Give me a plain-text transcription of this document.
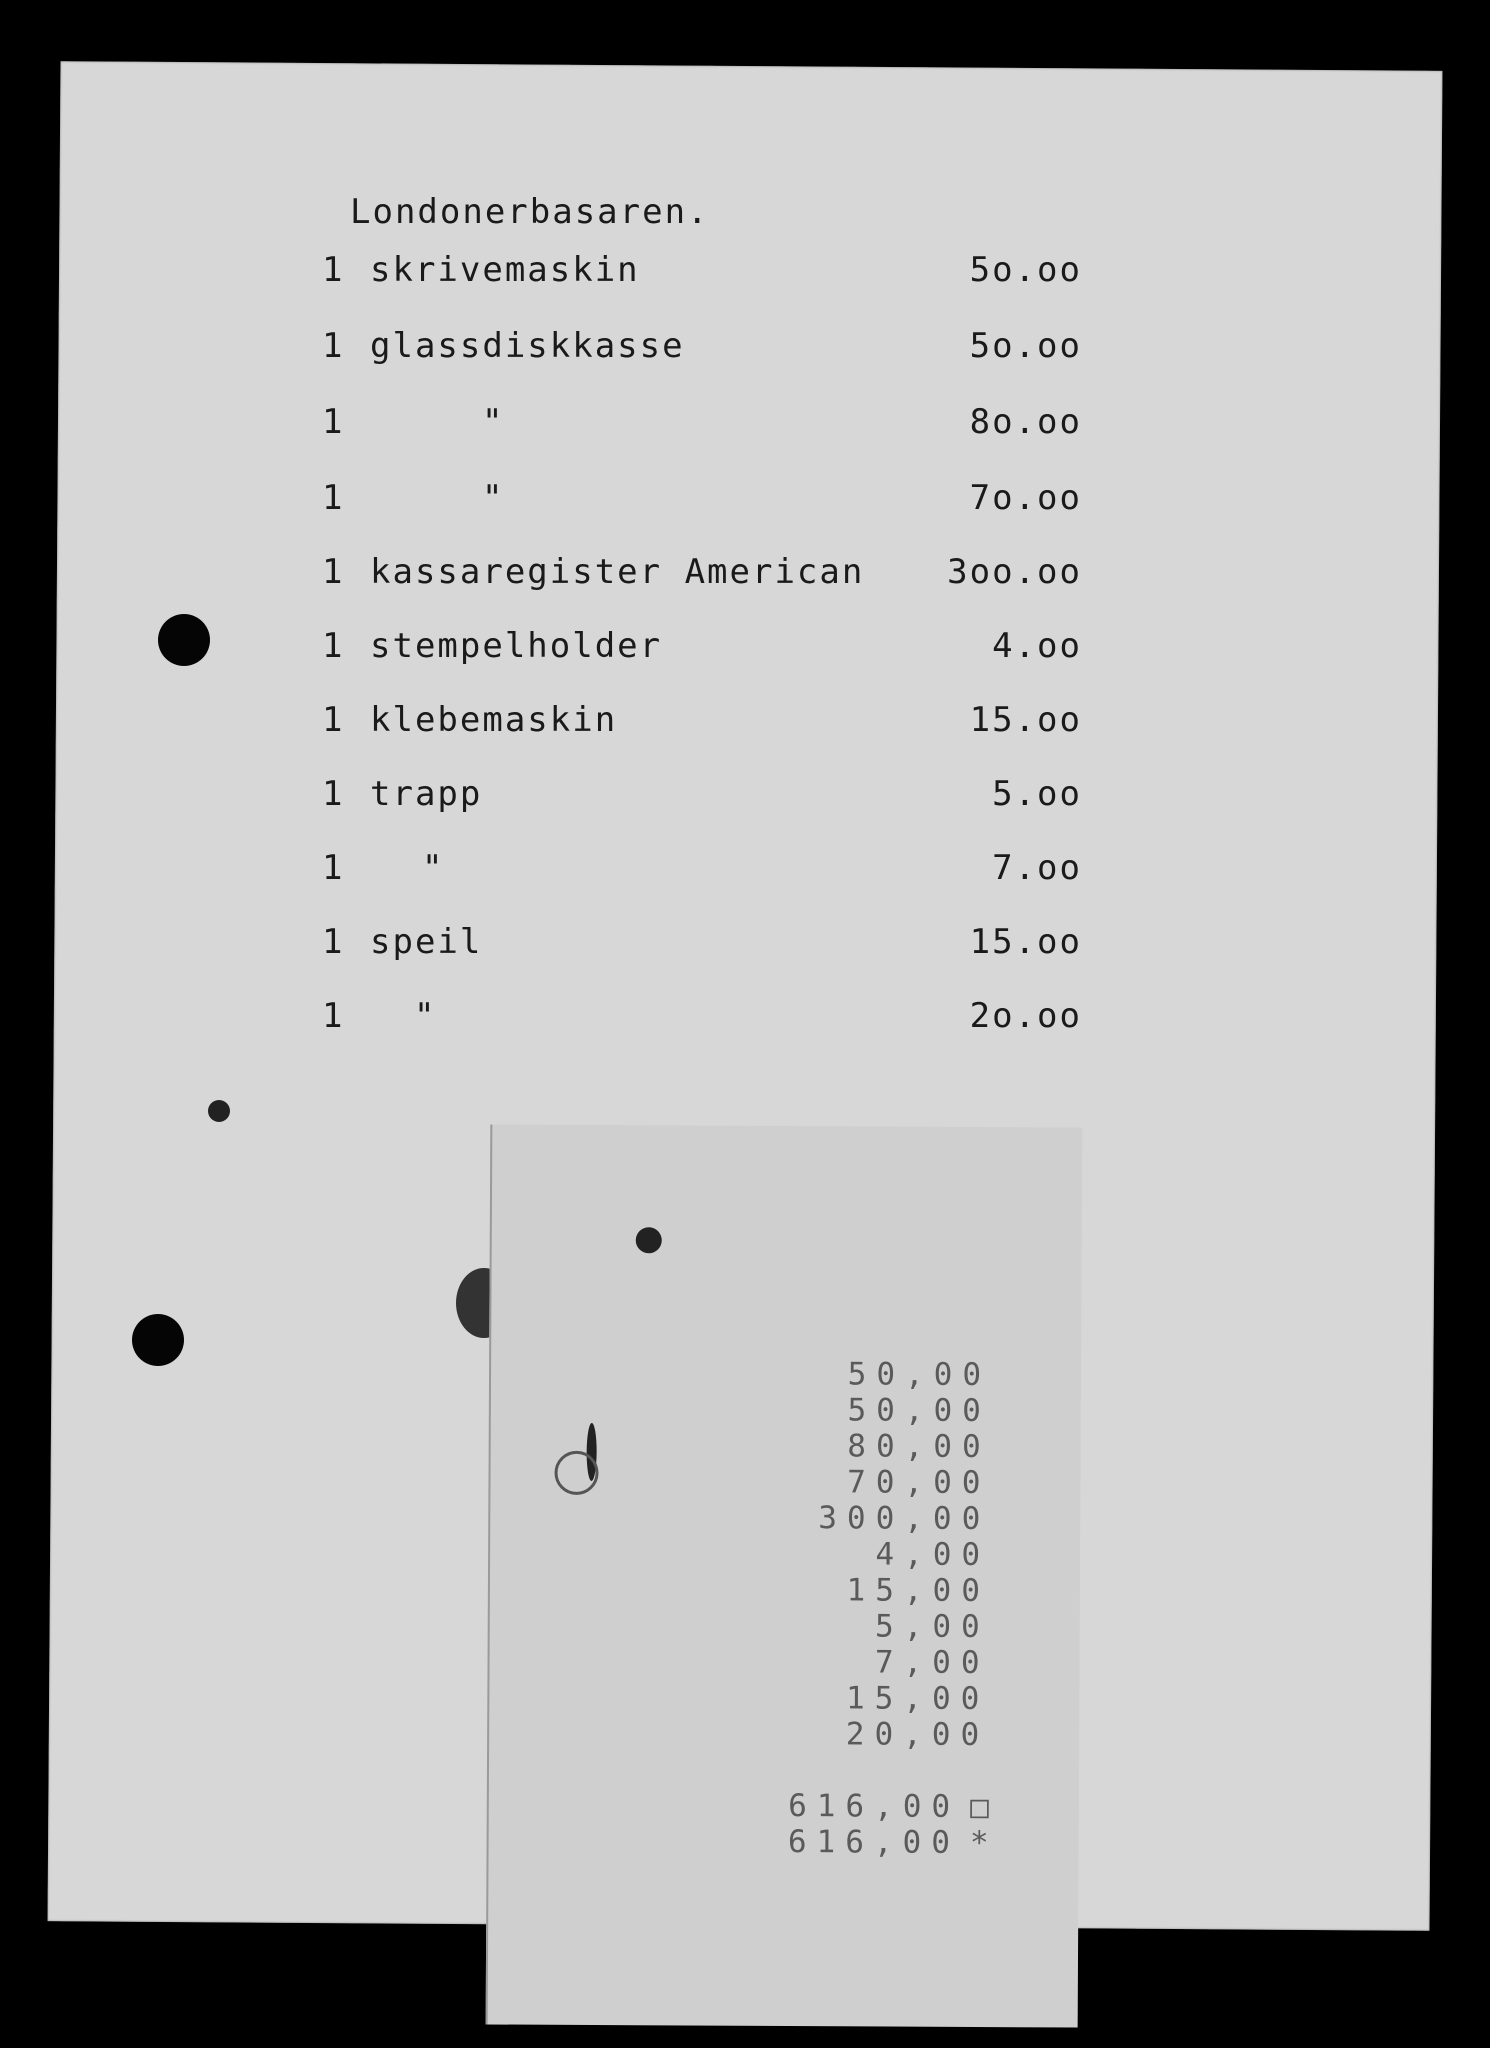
Londonerbasaren.
1 skrivemaskin	5o.oo
1 glassdiskkasse	5o.oo
1	"	8o.oo
1	"	7o.oo
1 kassaregister American 3oo.oo
1 stempelholder	4.oo
1 klebemaskin	15.oo
1 trapp	5.oo
1 "	7.oo
1 speil	15.oo
1 "	2o.oo
50,00
50,00
80,00
70,00
300,00
4,00
15,00
5,00
7,00
15,00
20,00
616,00 □
616,00 *
